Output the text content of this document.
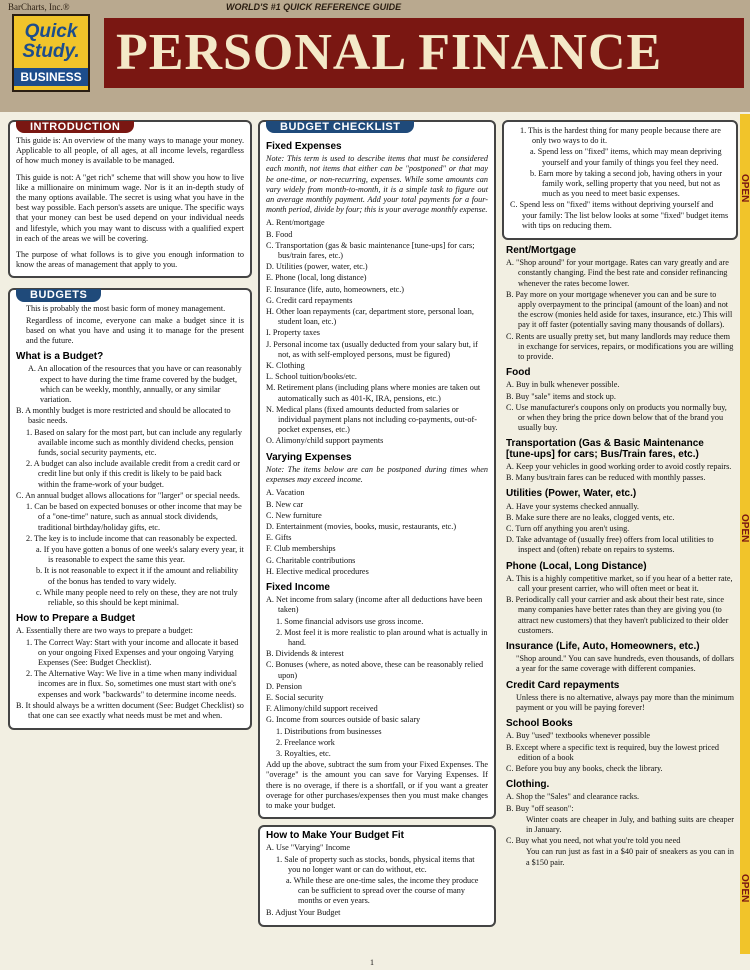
BarCharts, Inc.®	WORLD'S #1 QUICK REFERENCE GUIDE
Quick
Study.
BUSINESS PERSONAL FINANCE
INTRODUCTION

This guide is: An overview of the many ways to manage your money. Applicable to all people, of all ages, at all income levels, regardless of how much money is available to be managed.

This guide is not: A "get rich" scheme that will show you how to live like a millionaire on minimum wage. Nor is it an in-depth study of the many options available. The secret is using what you have in the best way possible. Each person's assets are unique. The specific ways that your money can best be used depend on your individual needs and lifestyle, which you may want to discuss with a qualified expert in each of the areas we will be covering.

The purpose of what follows is to give you enough information to know the areas of management that apply to you.

BUDGETS

This is probably the most basic form of money management.

Regardless of income, everyone can make a budget since it is based on what you have and using it to manage for the present and the future.

What is a Budget?
A. An allocation of the resources that you have or can reasonably expect to have during the time frame covered by the budget, which can be weekly, monthly, annually, or any similar variation.
B. A monthly budget is more restricted and should be allocated to basic needs.
1. Based on salary for the most part, but can include any regularly available income such as monthly dividend checks, pension funds, social security payments, etc.
2. A budget can also include available credit from a credit card or credit line but only if this credit is likely to be paid back within the frame-work of your budget.
C. An annual budget allows allocations for "larger" or special needs.
1. Can be based on expected bonuses or other income that may be of a "one-time" nature, such as annual stock dividends, traditional birthday/holiday gifts, etc.
2. The key is to include income that can reasonably be expected.
a. If you have gotten a bonus of one week's salary every year, it is reasonable to expect the same this year.
b. It is not reasonable to expect it if the amount and reliability of the bonus has tended to vary widely.
c. While many people need to rely on these, they are not truly reliable, so this should be kept minimal.
How to Prepare a Budget
A. Essentially there are two ways to prepare a budget:
1. The Correct Way: Start with your income and allocate it based on your ongoing Fixed Expenses and your ongoing Varying Expenses (See: Budget Checklist).
2. The Alternative Way: We live in a time when many individual incomes are in flux. So, sometimes one must start with one's expenses and work "backwards" to determine income needs.
B. It should always be a written document (See: Budget Checklist) so that one can see exactly what needs must be met and when.
BUDGET CHECKLIST
Fixed Expenses

Note: This term is used to describe items that must be considered each month, not items that either can be "postponed" or that may be one-time, or non-recurring, expenses. While some amounts can vary widely from month-to-month, it is a simple task to figure out an average monthly payment. Add your total payments for a four-month period, divide by four; this is your average monthly expense.

A. Rent/mortgage
B. Food
C. Transportation (gas & basic maintenance [tune-ups] for cars; bus/train fares, etc.)
D. Utilities (power, water, etc.)
E. Phone (local, long distance)
F. Insurance (life, auto, homeowners, etc.)
G. Credit card repayments
H. Other loan repayments (car, department store, personal loan, student loan, etc.)
I. Property taxes
J. Personal income tax (usually deducted from your salary but, if not, as with self-employed persons, must be figured)
K. Clothing
L. School tuition/books/etc.
M. Retirement plans (including plans where monies are taken out automatically such as 401-K, IRA, pensions, etc.)
N. Medical plans (fixed amounts deducted from salaries or individual payment plans not including co-payments, out-of-pocket expenses, etc.)
O. Alimony/child support payments
Varying Expenses

Note: The items below are can be postponed during times when expenses may exceed income.

A. Vacation
B. New car
C. New furniture
D. Entertainment (movies, books, music, restaurants, etc.)
E. Gifts
F. Club memberships
G. Charitable contributions
H. Elective medical procedures
Fixed Income
A. Net income from salary (income after all deductions have been taken)
1. Some financial advisors use gross income.
2. Most feel it is more realistic to plan around what is actually in hand.
B. Dividends & interest
C. Bonuses (where, as noted above, these can be reasonably relied upon)
D. Pension
E. Social security
F. Alimony/child support received
G. Income from sources outside of basic salary
1. Distributions from businesses
2. Freelance work
3. Royalties, etc.

Add up the above, subtract the sum from your Fixed Expenses. The "overage" is the amount you can save for Varying Expenses. If there is no overage, if there is a shortfall, or if you want a greater overage for other purchases/expenses then you must make changes to make your budget.

How to Make Your Budget Fit
A. Use "Varying" Income
1. Sale of property such as stocks, bonds, physical items that you no longer want or can do without, etc.
a. While these are one-time sales, the income they produce can be sufficient to spread over the course of many months or even years.
B. Adjust Your Budget
1. This is the hardest thing for many people because there are only two ways to do it.
a. Spend less on "fixed" items, which may mean depriving yourself and your family of things you feel they need.
b. Earn more by taking a second job, having others in your family work, selling property that you need, but not as much as you need to meet basic expenses.
C. Spend less on "fixed" items without depriving yourself and your family: The list below looks at some "fixed" budget items with tips on reducing them.
Rent/Mortgage
A. "Shop around" for your mortgage. Rates can vary greatly and are constantly changing. Find the best rate and consider refinancing whenever the rates become lower.
B. Pay more on your mortgage whenever you can and be sure to apply overpayment to the principal (amount of the loan) and not the escrow (monies held aside for taxes, insurance, etc.) This will pay it off faster (potentially saving many thousands of dollars).
C. Rents are usually pretty set, but many landlords may reduce them in exchange for services, repairs, or modifications you are willing to provide.
Food
A. Buy in bulk whenever possible.
B. Buy "sale" items and stock up.
C. Use manufacturer's coupons only on products you normally buy, or when they bring the price down below that of the brand you usually buy.
Transportation (Gas & Basic Maintenance [tune-ups] for cars; Bus/Train fares, etc.)
A. Keep your vehicles in good working order to avoid costly repairs.
B. Many bus/train fares can be reduced with monthly passes.
Utilities (Power, Water, etc.)
A. Have your systems checked annually.
B. Make sure there are no leaks, clogged vents, etc.
C. Turn off anything you aren't using.
D. Take advantage of (usually free) offers from local utilities to inspect and (often) rebate on repairs to systems.
Phone (Local, Long Distance)
A. This is a highly competitive market, so if you hear of a better rate, call your present carrier, who will often meet or beat it.
B. Periodically call your carrier and ask about their best rate, since many companies have better rates than they are giving you (to attract new customers) that they haven't publicized to their older customers.
Insurance (Life, Auto, Homeowners, etc.)

"Shop around." You can save hundreds, even thousands, of dollars a year for the same coverage with different companies.

Credit Card repayments

Unless there is no alternative, always pay more than the minimum payment or you will be paying forever!

School Books
A. Buy "used" textbooks whenever possible
B. Except where a specific text is required, buy the lowest priced edition of a book
C. Before you buy any books, check the library.
Clothing.
A. Shop the "Sales" and clearance racks.
B. Buy "off season":

Winter coats are cheaper in July, and bathing suits are cheaper in January.

C. Buy what you need, not what you're told you need

You can run just as fast in a $40 pair of sneakers as you can in a $150 pair.

OPEN
OPEN
OPEN
1
